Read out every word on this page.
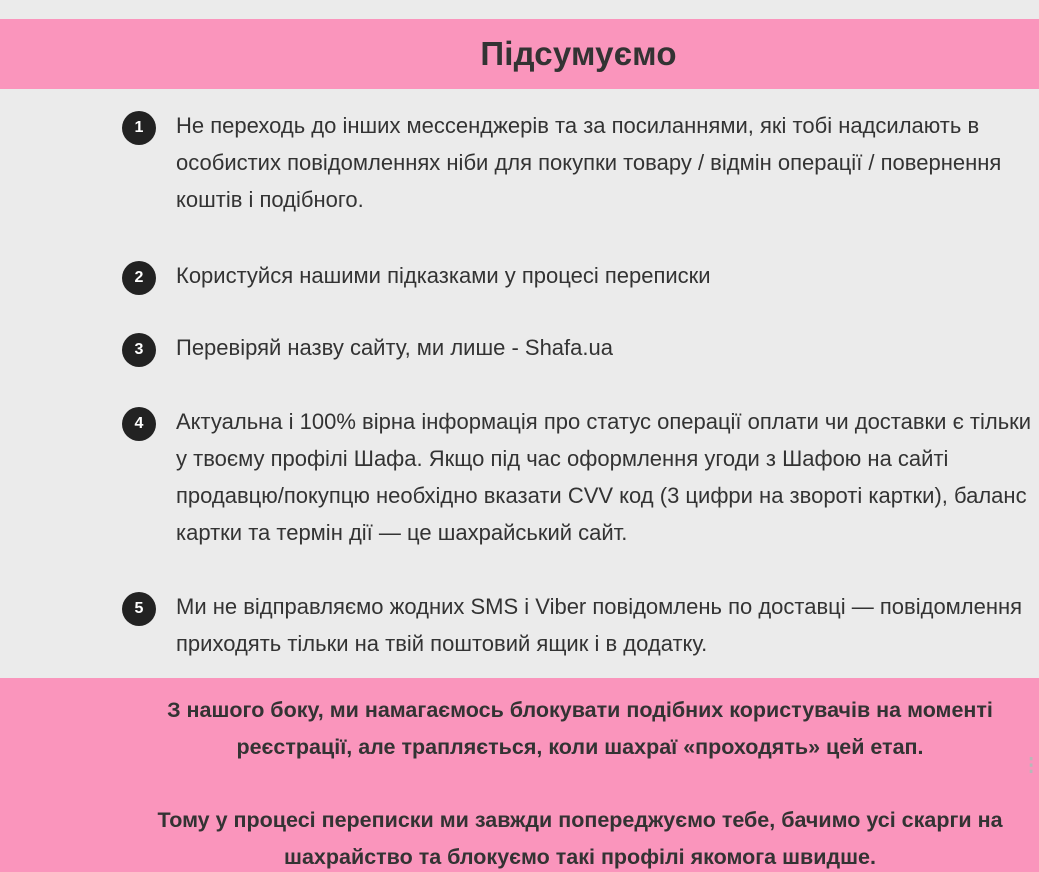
Підсумуємо
1	Не переходь до інших мессенджерів та за посиланнями, які тобі надсилають в особистих повідомленнях ніби для покупки товару / відмін операції / повернення коштів і подібного.
2	Користуйся нашими підказками у процесі переписки
3	Перевіряй назву сайту, ми лише - Shafa.ua
4	Актуальна і 100% вірна інформація про статус операції оплати чи доставки є тільки у твоєму профілі Шафа. Якщо під час оформлення угоди з Шафою на сайті продавцю/покупцю необхідно вказати CVV код (3 цифри на звороті картки), баланс картки та термін дії — це шахрайський сайт.
5	Ми не відправляємо жодних SMS і Viber повідомлень по доставці — повідомлення приходять тільки на твій поштовий ящик і в додатку.

З нашого боку, ми намагаємось блокувати подібних користувачів на моменті реєстрації, але трапляється, коли шахраї «проходять» цей етап.

Тому у процесі переписки ми завжди попереджуємо тебе, бачимо усі скарги на шахрайство та блокуємо такі профілі якомога швидше.

⁝
